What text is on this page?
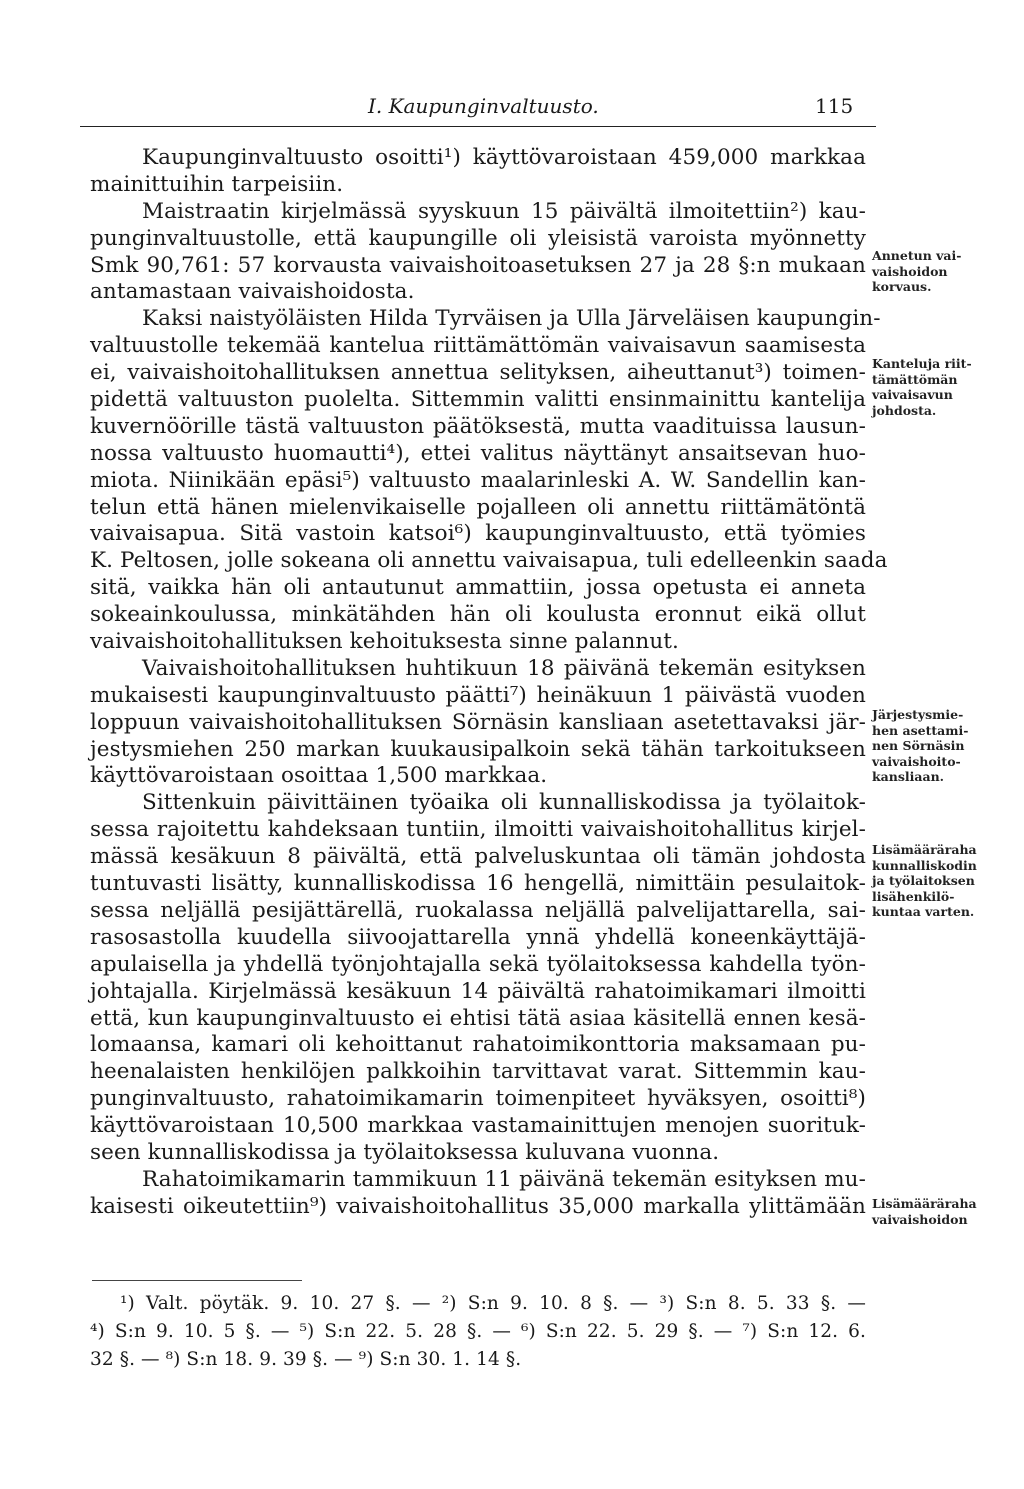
I. Kaupunginvaltuusto.	115
Kaupunginvaltuusto osoitti¹) käyttövaroistaan 459,000 markkaa
mainittuihin tarpeisiin.
Maistraatin kirjelmässä syyskuun 15 päivältä ilmoitettiin²) kau-
punginvaltuustolle, että kaupungille oli yleisistä varoista myönnetty
Smk 90,761: 57 korvausta vaivaishoitoasetuksen 27 ja 28 §:n mukaan
antamastaan vaivaishoidosta.
Kaksi naistyöläisten Hilda Tyrväisen ja Ulla Järveläisen kaupungin-
valtuustolle tekemää kantelua riittämättömän vaivaisavun saamisesta
ei, vaivaishoitohallituksen annettua selityksen, aiheuttanut³) toimen-
pidettä valtuuston puolelta. Sittemmin valitti ensinmainittu kantelija
kuvernöörille tästä valtuuston päätöksestä, mutta vaadituissa lausun-
nossa valtuusto huomautti⁴), ettei valitus näyttänyt ansaitsevan huo-
miota. Niinikään epäsi⁵) valtuusto maalarinleski A. W. Sandellin kan-
telun että hänen mielenvikaiselle pojalleen oli annettu riittämätöntä
vaivaisapua. Sitä vastoin katsoi⁶) kaupunginvaltuusto, että työmies
K. Peltosen, jolle sokeana oli annettu vaivaisapua, tuli edelleenkin saada
sitä, vaikka hän oli antautunut ammattiin, jossa opetusta ei anneta
sokeainkoulussa, minkätähden hän oli koulusta eronnut eikä ollut
vaivaishoitohallituksen kehoituksesta sinne palannut.
Vaivaishoitohallituksen huhtikuun 18 päivänä tekemän esityksen
mukaisesti kaupunginvaltuusto päätti⁷) heinäkuun 1 päivästä vuoden
loppuun vaivaishoitohallituksen Sörnäsin kansliaan asetettavaksi jär-
jestysmiehen 250 markan kuukausipalkoin sekä tähän tarkoitukseen
käyttövaroistaan osoittaa 1,500 markkaa.
Sittenkuin päivittäinen työaika oli kunnalliskodissa ja työlaitok-
sessa rajoitettu kahdeksaan tuntiin, ilmoitti vaivaishoitohallitus kirjel-
mässä kesäkuun 8 päivältä, että palveluskuntaa oli tämän johdosta
tuntuvasti lisätty, kunnalliskodissa 16 hengellä, nimittäin pesulaitok-
sessa neljällä pesijättärellä, ruokalassa neljällä palvelijattarella, sai-
rasosastolla kuudella siivoojattarella ynnä yhdellä koneenkäyttäjä-
apulaisella ja yhdellä työnjohtajalla sekä työlaitoksessa kahdella työn-
johtajalla. Kirjelmässä kesäkuun 14 päivältä rahatoimikamari ilmoitti
että, kun kaupunginvaltuusto ei ehtisi tätä asiaa käsitellä ennen kesä-
lomaansa, kamari oli kehoittanut rahatoimikonttoria maksamaan pu-
heenalaisten henkilöjen palkkoihin tarvittavat varat. Sittemmin kau-
punginvaltuusto, rahatoimikamarin toimenpiteet hyväksyen, osoitti⁸)
käyttövaroistaan 10,500 markkaa vastamainittujen menojen suorituk-
seen kunnalliskodissa ja työlaitoksessa kuluvana vuonna.
Rahatoimikamarin tammikuun 11 päivänä tekemän esityksen mu-
kaisesti oikeutettiin⁹) vaivaishoitohallitus 35,000 markalla ylittämään
Annetun vai-
vaishoidon
korvaus.
Kanteluja riit-
tämättömän
vaivaisavun
johdosta.
Järjestysmie-
hen asettami-
nen Sörnäsin
vaivaishoito-
kansliaan.
Lisämääräraha
kunnalliskodin
ja työlaitoksen
lisähenkilö-
kuntaa varten.
Lisämääräraha
vaivaishoidon
¹) Valt. pöytäk. 9. 10. 27 §. — ²) S:n 9. 10. 8 §. — ³) S:n 8. 5. 33 §. —
⁴) S:n 9. 10. 5 §. — ⁵) S:n 22. 5. 28 §. — ⁶) S:n 22. 5. 29 §. — ⁷) S:n 12. 6.
32 §. — ⁸) S:n 18. 9. 39 §. — ⁹) S:n 30. 1. 14 §.
